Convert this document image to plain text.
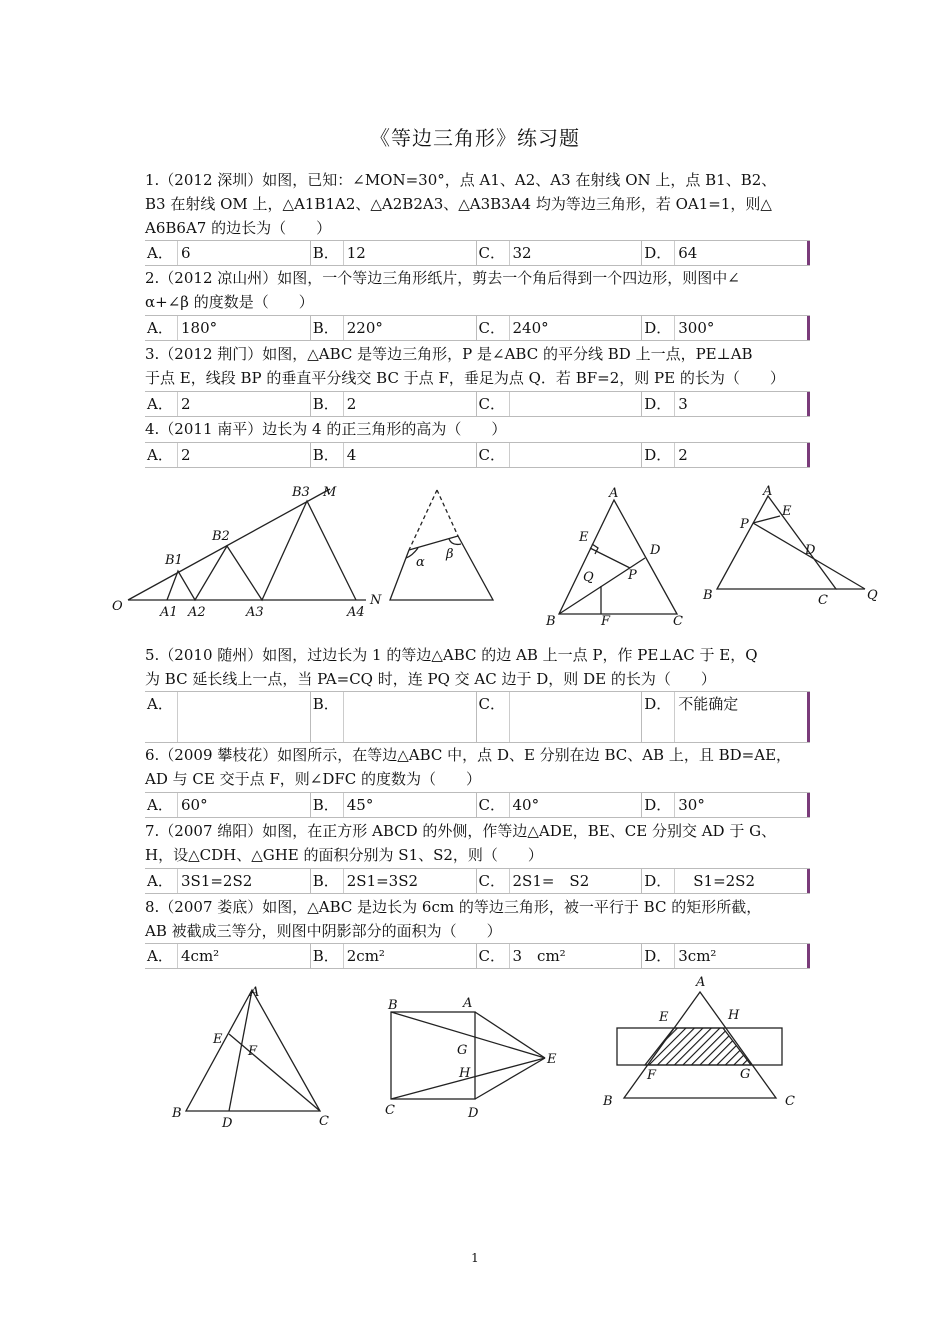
《等边三角形》练习题
1.（2012 深圳）如图，已知：∠MON=30°，点 A1、A2、A3 在射线 ON 上，点 B1、B2、
B3 在射线 OM 上，△A1B1A2、△A2B2A3、△A3B3A4 均为等边三角形，若 OA1=1，则△
A6B6A7 的边长为（　　）
A． 6	B． 12	C． 32	D． 64
2.（2012 凉山州）如图，一个等边三角形纸片，剪去一个角后得到一个四边形，则图中∠
α+∠β 的度数是（　　）
A． 180°	B． 220°	C． 240°	D． 300°
3.（2012 荆门）如图，△ABC 是等边三角形，P 是∠ABC 的平分线 BD 上一点，PE⊥AB
于点 E，线段 BP 的垂直平分线交 BC 于点 F，垂足为点 Q．若 BF=2，则 PE 的长为（　　）
A． 2	B． 2	C．	D． 3
4.（2011 南平）边长为 4 的正三角形的高为（　　）
A． 2	B． 4	C．	D． 2
O	A1 A2	A3	A4
N
B1
B2
B3 M
α
β
A
B	C
D
E
F
P
Q
A
B	C
D
E
P
Q
5.（2010 随州）如图，过边长为 1 的等边△ABC 的边 AB 上一点 P，作 PE⊥AC 于 E，Q
为 BC 延长线上一点，当 PA=CQ 时，连 PQ 交 AC 边于 D，则 DE 的长为（　　）
A．	B．	C．	D． 不能确定
6.（2009 攀枝花）如图所示，在等边△ABC 中，点 D、E 分别在边 BC、AB 上，且 BD=AE，
AD 与 CE 交于点 F，则∠DFC 的度数为（　　）
A． 60°	B． 45°	C． 40°	D． 30°
7.（2007 绵阳）如图，在正方形 ABCD 的外侧，作等边△ADE，BE、CE 分别交 AD 于 G、
H，设△CDH、△GHE 的面积分别为 S1、S2，则（　　）
A． 3S1=2S2	B． 2S1=3S2	C． 2S1=　S2	D． 　S1=2S2
8.（2007 娄底）如图，△ABC 是边长为 6cm 的等边三角形，被一平行于 BC 的矩形所截，
AB 被截成三等分，则图中阴影部分的面积为（　　）
A． 4cm²	B． 2cm²	C． 3　cm²	D． 3cm²
A
B
C
D
E
F
A
B
C	D
E
G
H
A
B	C
E
F	G
H
1
